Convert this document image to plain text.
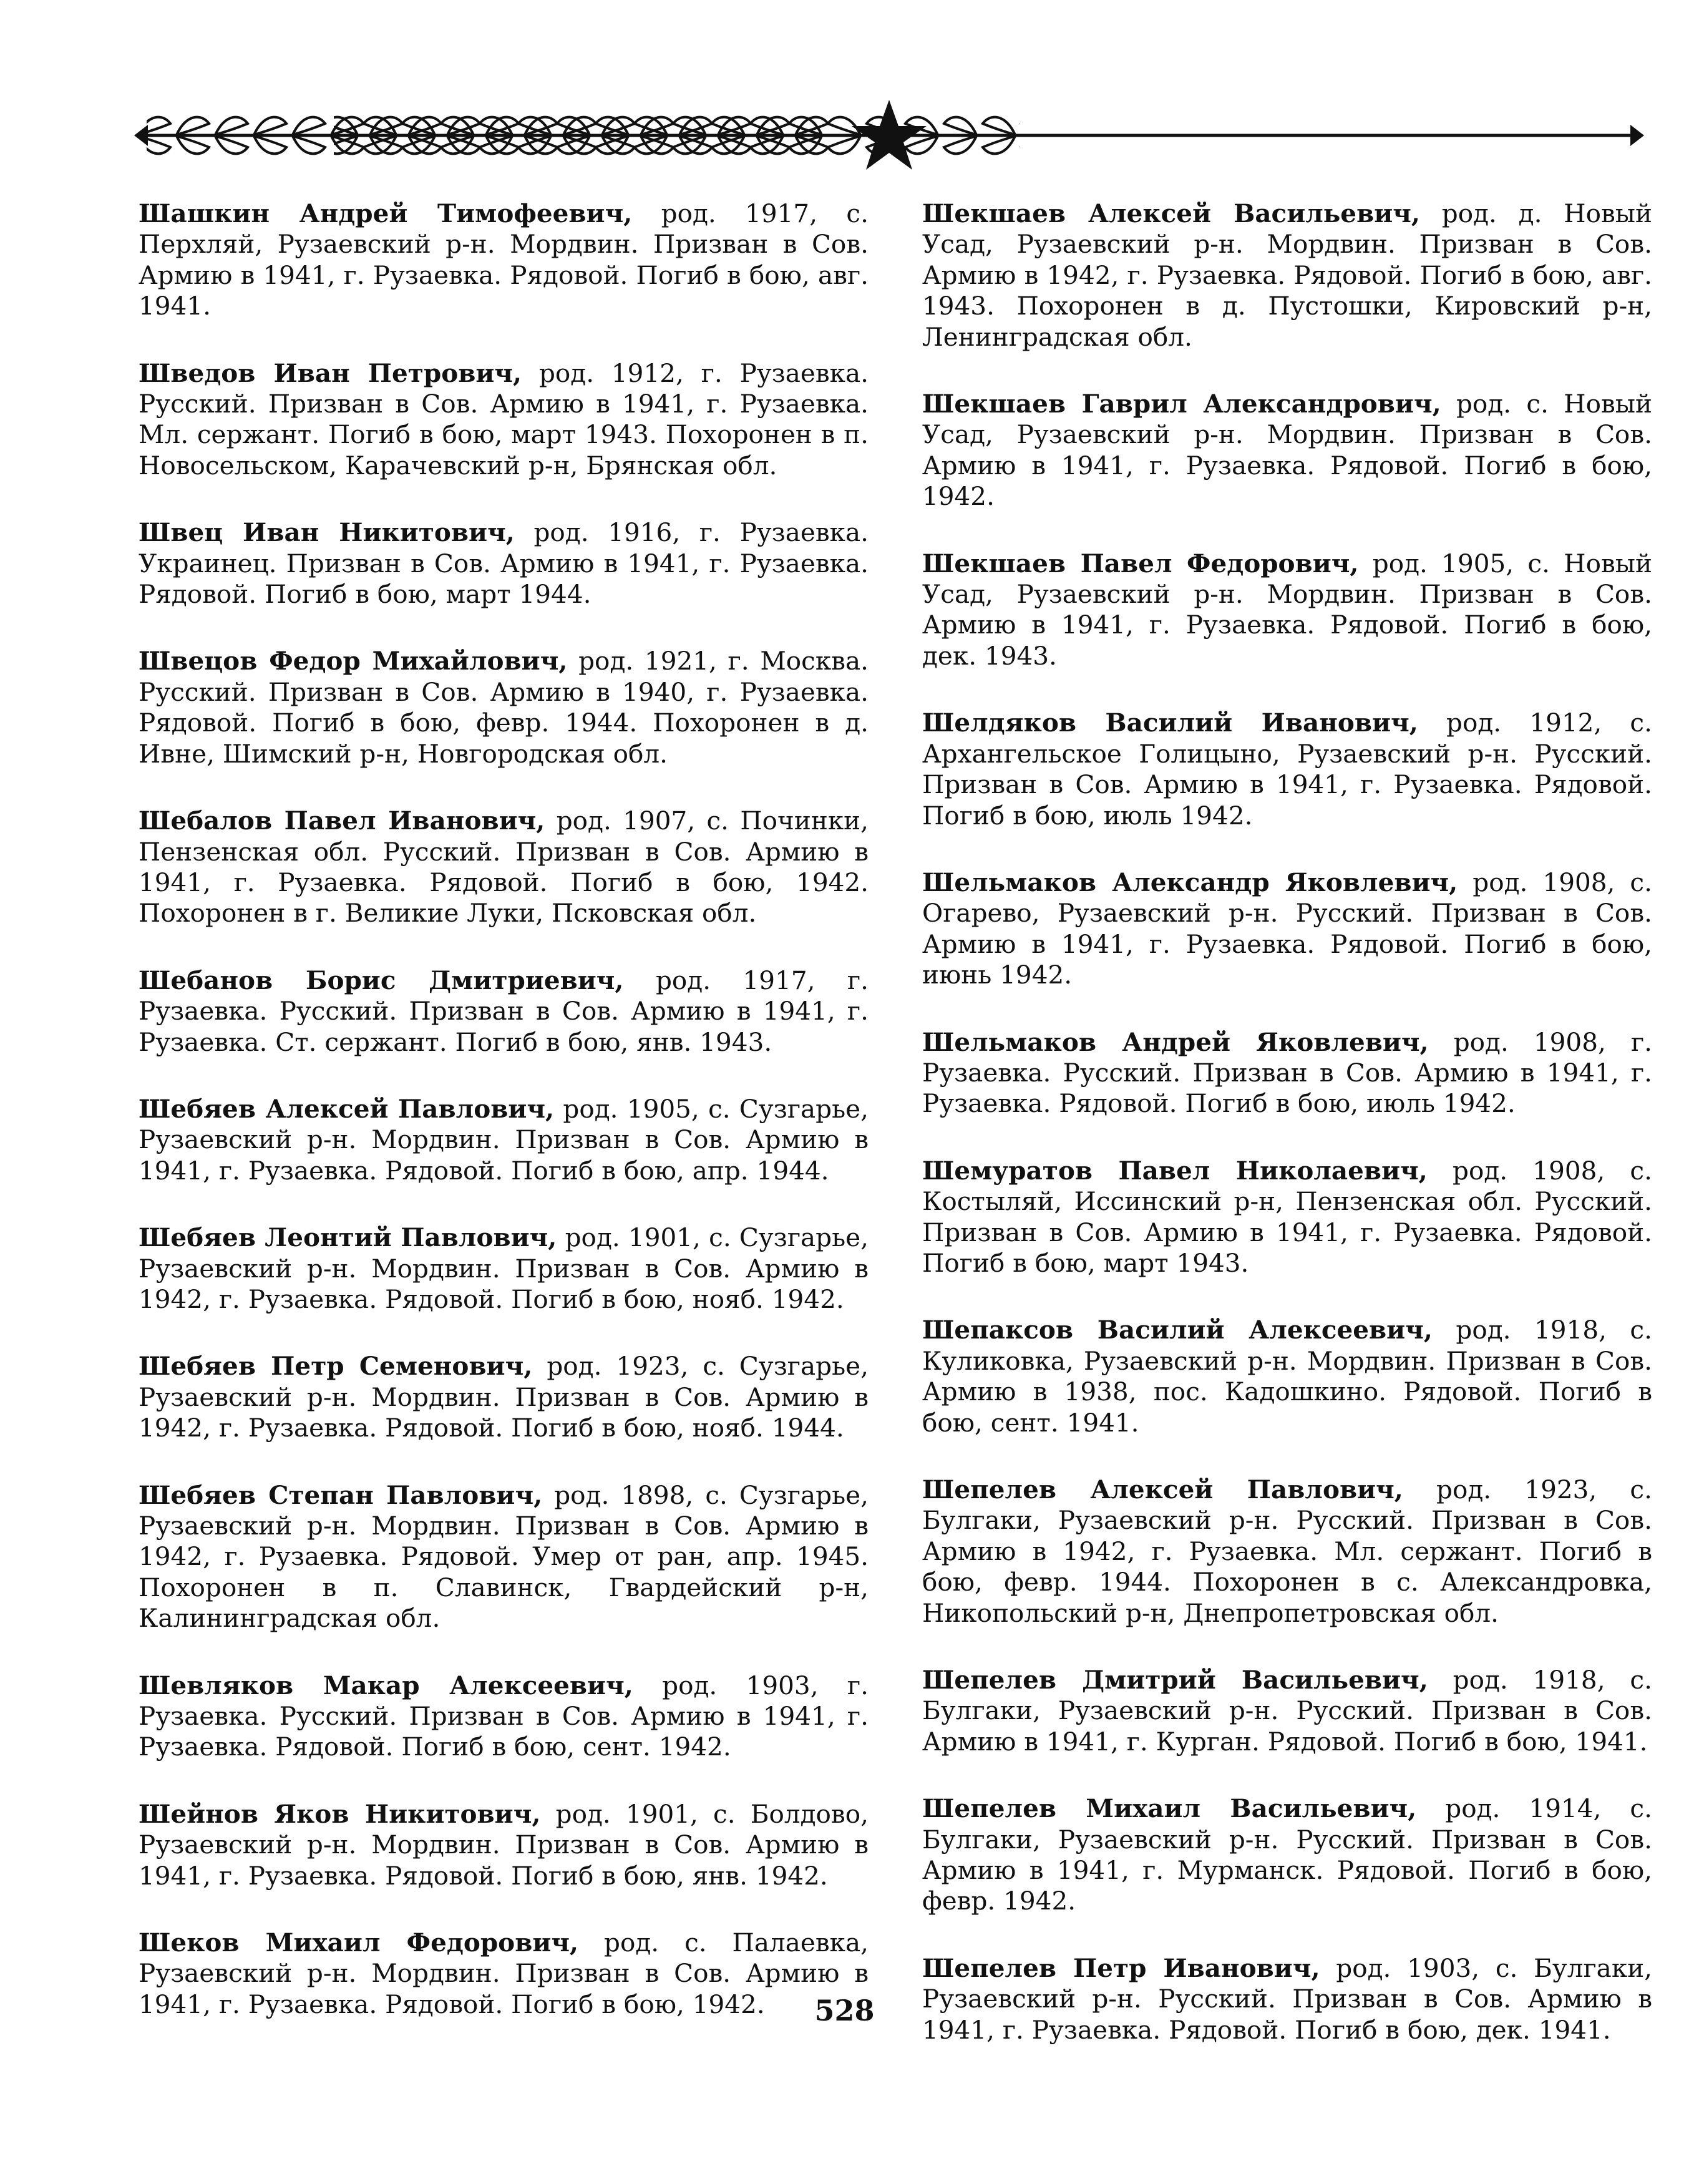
Шашкин Андрей Тимофеевич, род. 1917, с. Перхляй, Рузаевский р-н. Мордвин. Призван в Сов. Армию в 1941, г. Рузаевка. Рядовой. Погиб в бою, авг. 1941.

Шведов Иван Петрович, род. 1912, г. Рузаевка. Русский. Призван в Сов. Армию в 1941, г. Рузаевка. Мл. сержант. Погиб в бою, март 1943. Похоронен в п. Новосельском, Карачевский р-н, Брянская обл.

Швец Иван Никитович, род. 1916, г. Рузаевка. Украинец. Призван в Сов. Армию в 1941, г. Рузаевка. Рядовой. Погиб в бою, март 1944.

Швецов Федор Михайлович, род. 1921, г. Москва. Русский. Призван в Сов. Армию в 1940, г. Рузаевка. Рядовой. Погиб в бою, февр. 1944. Похоронен в д. Ивне, Шимский р-н, Новгородская обл.

Шебалов Павел Иванович, род. 1907, с. Починки, Пензенская обл. Русский. Призван в Сов. Армию в 1941, г. Рузаевка. Рядовой. Погиб в бою, 1942. Похоронен в г. Великие Луки, Псковская обл.

Шебанов Борис Дмитриевич, род. 1917, г. Рузаевка. Русский. Призван в Сов. Армию в 1941, г. Рузаевка. Ст. сержант. Погиб в бою, янв. 1943.

Шебяев Алексей Павлович, род. 1905, с. Сузгарье, Рузаевский р-н. Мордвин. Призван в Сов. Армию в 1941, г. Рузаевка. Рядовой. Погиб в бою, апр. 1944.

Шебяев Леонтий Павлович, род. 1901, с. Сузгарье, Рузаевский р-н. Мордвин. Призван в Сов. Армию в 1942, г. Рузаевка. Рядовой. Погиб в бою, нояб. 1942.

Шебяев Петр Семенович, род. 1923, с. Сузгарье, Рузаевский р-н. Мордвин. Призван в Сов. Армию в 1942, г. Рузаевка. Рядовой. Погиб в бою, нояб. 1944.

Шебяев Степан Павлович, род. 1898, с. Сузгарье, Рузаевский р-н. Мордвин. Призван в Сов. Армию в 1942, г. Рузаевка. Рядовой. Умер от ран, апр. 1945. Похоронен в п. Славинск, Гвардейский р-н, Калининградская обл.

Шевляков Макар Алексеевич, род. 1903, г. Рузаевка. Русский. Призван в Сов. Армию в 1941, г. Рузаевка. Рядовой. Погиб в бою, сент. 1942.

Шейнов Яков Никитович, род. 1901, с. Болдово, Рузаевский р-н. Мордвин. Призван в Сов. Армию в 1941, г. Рузаевка. Рядовой. Погиб в бою, янв. 1942.

Шеков Михаил Федорович, род. с. Палаевка, Рузаевский р-н. Мордвин. Призван в Сов. Армию в 1941, г. Рузаевка. Рядовой. Погиб в бою, 1942.

Шекшаев Алексей Васильевич, род. д. Новый Усад, Рузаевский р-н. Мордвин. Призван в Сов. Армию в 1942, г. Рузаевка. Рядовой. Погиб в бою, авг. 1943. Похоронен в д. Пустошки, Кировский р-н, Ленинградская обл.

Шекшаев Гаврил Александрович, род. с. Новый Усад, Рузаевский р-н. Мордвин. Призван в Сов. Армию в 1941, г. Рузаевка. Рядовой. Погиб в бою, 1942.

Шекшаев Павел Федорович, род. 1905, с. Новый Усад, Рузаевский р-н. Мордвин. Призван в Сов. Армию в 1941, г. Рузаевка. Рядовой. Погиб в бою, дек. 1943.

Шелдяков Василий Иванович, род. 1912, с. Архангельское Голицыно, Рузаевский р-н. Русский. Призван в Сов. Армию в 1941, г. Рузаевка. Рядовой. Погиб в бою, июль 1942.

Шельмаков Александр Яковлевич, род. 1908, с. Огарево, Рузаевский р-н. Русский. Призван в Сов. Армию в 1941, г. Рузаевка. Рядовой. Погиб в бою, июнь 1942.

Шельмаков Андрей Яковлевич, род. 1908, г. Рузаевка. Русский. Призван в Сов. Армию в 1941, г. Рузаевка. Рядовой. Погиб в бою, июль 1942.

Шемуратов Павел Николаевич, род. 1908, с. Костыляй, Иссинский р-н, Пензенская обл. Русский. Призван в Сов. Армию в 1941, г. Рузаевка. Рядовой. Погиб в бою, март 1943.

Шепаксов Василий Алексеевич, род. 1918, с. Куликовка, Рузаевский р-н. Мордвин. Призван в Сов. Армию в 1938, пос. Кадошкино. Рядовой. Погиб в бою, сент. 1941.

Шепелев Алексей Павлович, род. 1923, с. Булгаки, Рузаевский р-н. Русский. Призван в Сов. Армию в 1942, г. Рузаевка. Мл. сержант. Погиб в бою, февр. 1944. Похоронен в с. Александровка, Никопольский р-н, Днепропетровская обл.

Шепелев Дмитрий Васильевич, род. 1918, с. Булгаки, Рузаевский р-н. Русский. Призван в Сов. Армию в 1941, г. Курган. Рядовой. Погиб в бою, 1941.

Шепелев Михаил Васильевич, род. 1914, с. Булгаки, Рузаевский р-н. Русский. Призван в Сов. Армию в 1941, г. Мурманск. Рядовой. Погиб в бою, февр. 1942.

Шепелев Петр Иванович, род. 1903, с. Булгаки, Рузаевский р-н. Русский. Призван в Сов. Армию в 1941, г. Рузаевка. Рядовой. Погиб в бою, дек. 1941.

528
